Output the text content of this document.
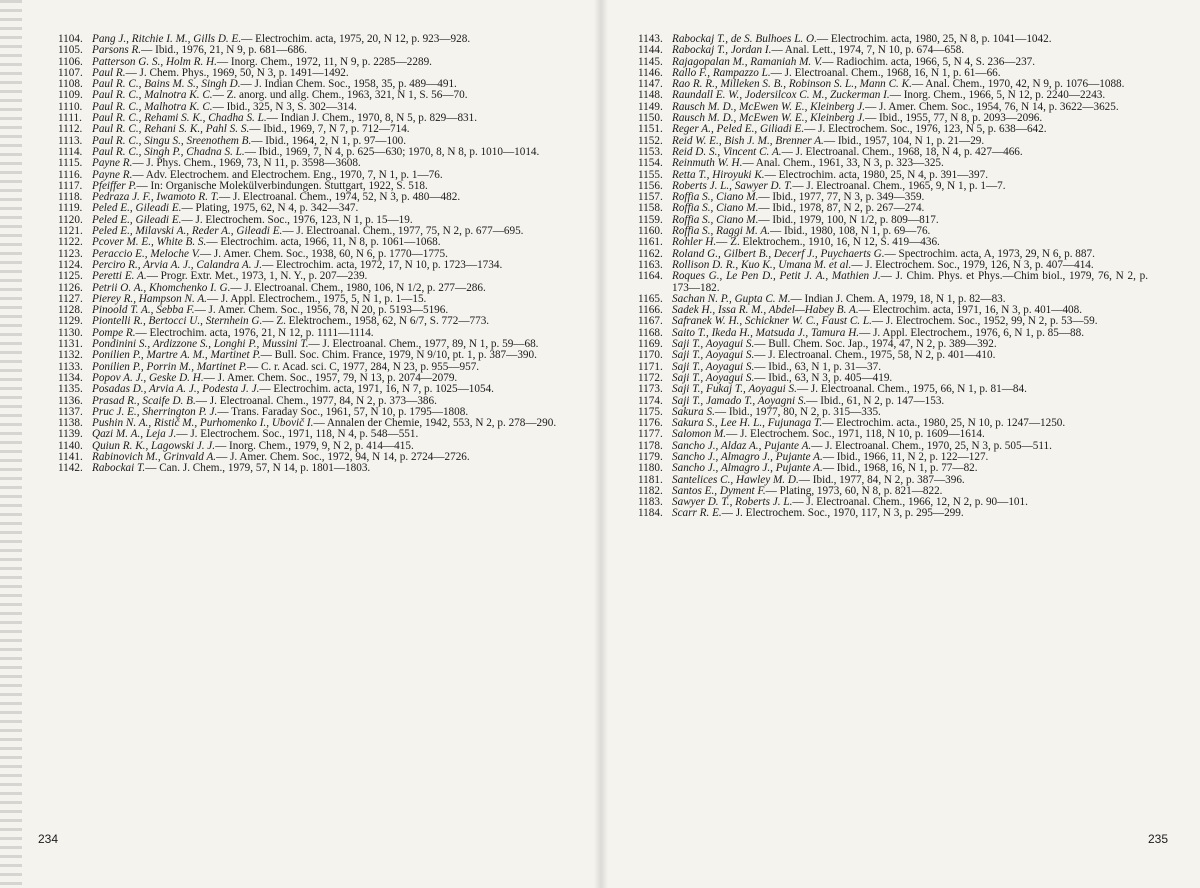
1104. Pang J., Ritchie I. M., Gills D. E.— Electrochim. acta, 1975, 20, N 12, p. 923—928.
1105. Parsons R.— Ibid., 1976, 21, N 9, p. 681—686.
1106. Patterson G. S., Holm R. H.— Inorg. Chem., 1972, 11, N 9, p. 2285—2289.
1107. Paul R.— J. Chem. Phys., 1969, 50, N 3, p. 1491—1492.
1108. Paul R. C., Bains M. S., Singh D.— J. Indian Chem. Soc., 1958, 35, p. 489—491.
1109. Paul R. C., Malnotra K. C.— Z. anorg. und allg. Chem., 1963, 321, N 1, S. 56—70.
1110. Paul R. C., Malhotra K. C.— Ibid., 325, N 3, S. 302—314.
1111. Paul R. C., Rehami S. K., Chadha S. L.— Indian J. Chem., 1970, 8, N 5, p. 829—831.
1112. Paul R. C., Rehani S. K., Pahl S. S.— Ibid., 1969, 7, N 7, p. 712—714.
1113. Paul R. C., Singu S., Sreenothem B.— Ibid., 1964, 2, N 1, p. 97—100.
1114. Paul R. C., Singh P., Chadna S. L.— Ibid., 1969, 7, N 4, p. 625—630; 1970, 8, N 8, p. 1010—1014.
1115. Payne R.— J. Phys. Chem., 1969, 73, N 11, p. 3598—3608.
1116. Payne R.— Adv. Electrochem. and Electrochem. Eng., 1970, 7, N 1, p. 1—76.
1117. Pfeiffer P.— In: Organische Molekülverbindungen. Stuttgart, 1922, S. 518.
1118. Pedraza J. F., Iwamoto R. T.— J. Electroanal. Chem., 1974, 52, N 3, p. 480—482.
1119. Peled E., Gileadi E.— Plating, 1975, 62, N 4, p. 342—347.
1120. Peled E., Gileadi E.— J. Electrochem. Soc., 1976, 123, N 1, p. 15—19.
1121. Peled E., Milavski A., Reder A., Gileadi E.— J. Electroanal. Chem., 1977, 75, N 2, p. 677—695.
1122. Pcover M. E., White B. S.— Electrochim. acta, 1966, 11, N 8, p. 1061—1068.
1123. Peraccio E., Meloche V.— J. Amer. Chem. Soc., 1938, 60, N 6, p. 1770—1775.
1124. Perciro R., Arvia A. J., Calandra A. J.— Electrochim. acta, 1972, 17, N 10, p. 1723—1734.
1125. Peretti E. A.— Progr. Extr. Met., 1973, 1, N. Y., p. 207—239.
1126. Petrii O. A., Khomchenko I. G.— J. Electroanal. Chem., 1980, 106, N 1/2, p. 277—286.
1127. Pierey R., Hampson N. A.— J. Appl. Electrochem., 1975, 5, N 1, p. 1—15.
1128. Pinoold T. A., Sebba F.— J. Amer. Chem. Soc., 1956, 78, N 20, p. 5193—5196.
1129. Piontelli R., Bertocci U., Sternhein G.— Z. Elektrochem., 1958, 62, N 6/7, S. 772—773.
1130. Pompe R.— Electrochim. acta, 1976, 21, N 12, p. 1111—1114.
1131. Pondinini S., Ardizzone S., Longhi P., Mussini T.— J. Electroanal. Chem., 1977, 89, N 1, p. 59—68.
1132. Ponilien P., Martre A. M., Martinet P.— Bull. Soc. Chim. France, 1979, N 9/10, pt. 1, p. 387—390.
1133. Ponilien P., Porrin M., Martinet P.— C. r. Acad. sci. C, 1977, 284, N 23, p. 955—957.
1134. Popov A. J., Geske D. H.— J. Amer. Chem. Soc., 1957, 79, N 13, p. 2074—2079.
1135. Posadas D., Arvia A. J., Podesta J. J.— Electrochim. acta, 1971, 16, N 7, p. 1025—1054.
1136. Prasad R., Scaife D. B.— J. Electroanal. Chem., 1977, 84, N 2, p. 373—386.
1137. Pruc J. E., Sherrington P. J.— Trans. Faraday Soc., 1961, 57, N 10, p. 1795—1808.
1138. Pushin N. A., Ristič M., Purhomenko I., Ubovič I.— Annalen der Chemie, 1942, 553, N 2, p. 278—290.
1139. Qazi M. A., Leja J.— J. Electrochem. Soc., 1971, 118, N 4, p. 548—551.
1140. Quiun R. K., Lagowski J. J.— Inorg. Chem., 1979, 9, N 2, p. 414—415.
1141. Rabinovich M., Grinvald A.— J. Amer. Chem. Soc., 1972, 94, N 14, p. 2724—2726.
1142. Rabockai T.— Can. J. Chem., 1979, 57, N 14, p. 1801—1803.
1143. Rabockaj T., de S. Bulhoes L. O.— Electrochim. acta, 1980, 25, N 8, p. 1041—1042.
1144. Rabockaj T., Jordan I.— Anal. Lett., 1974, 7, N 10, p. 674—658.
1145. Rajagopalan M., Ramaniah M. V.— Radiochim. acta, 1966, 5, N 4, S. 236—237.
1146. Rallo F., Rampazzo L.— J. Electroanal. Chem., 1968, 16, N 1, p. 61—66.
1147. Rao R. R., Milleken S. B., Robinson S. L., Mann C. K.— Anal. Chem., 1970, 42, N 9, p. 1076—1088.
1148. Raundall E. W., Jodersilcox C. M., Zuckerman I.— Inorg. Chem., 1966, 5, N 12, p. 2240—2243.
1149. Rausch M. D., McEwen W. E., Kleinberg J.— J. Amer. Chem. Soc., 1954, 76, N 14, p. 3622—3625.
1150. Rausch M. D., McEwen W. E., Kleinberg J.— Ibid., 1955, 77, N 8, p. 2093—2096.
1151. Reger A., Peled E., Giliadi E.— J. Electrochem. Soc., 1976, 123, N 5, p. 638—642.
1152. Reid W. E., Bish J. M., Brenner A.— Ibid., 1957, 104, N 1, p. 21—29.
1153. Reid D. S., Vincent C. A.— J. Electroanal. Chem., 1968, 18, N 4, p. 427—466.
1154. Reinmuth W. H.— Anal. Chem., 1961, 33, N 3, p. 323—325.
1155. Retta T., Hiroyuki K.— Electrochim. acta, 1980, 25, N 4, p. 391—397.
1156. Roberts J. L., Sawyer D. T.— J. Electroanal. Chem., 1965, 9, N 1, p. 1—7.
1157. Roffia S., Ciano M.— Ibid., 1977, 77, N 3, p. 349—359.
1158. Roffia S., Ciano M.— Ibid., 1978, 87, N 2, p. 267—274.
1159. Roffia S., Ciano M.— Ibid., 1979, 100, N 1/2, p. 809—817.
1160. Roffia S., Raggi M. A.— Ibid., 1980, 108, N 1, p. 69—76.
1161. Rohler H.— Z. Elektrochem., 1910, 16, N 12, S. 419—436.
1162. Roland G., Gilbert B., Decerf J., Puychaerts G.— Spectrochim. acta, A, 1973, 29, N 6, p. 887.
1163. Rollison D. R., Kuo K., Umana M. et al.— J. Electrochem. Soc., 1979, 126, N 3, p. 407—414.
1164. Roques G., Le Pen D., Petit J. A., Mathien J.— J. Chim. Phys. et Phys.—Chim biol., 1979, 76, N 2, p. 173—182.
1165. Sachan N. P., Gupta C. M.— Indian J. Chem. A, 1979, 18, N 1, p. 82—83.
1166. Sadek H., Issa R. M., Abdel—Habey B. A.— Electrochim. acta, 1971, 16, N 3, p. 401—408.
1167. Safranek W. H., Schickner W. C., Faust C. L.— J. Electrochem. Soc., 1952, 99, N 2, p. 53—59.
1168. Saito T., Ikeda H., Matsuda J., Tamura H.— J. Appl. Electrochem., 1976, 6, N 1, p. 85—88.
1169. Saji T., Aoyagui S.— Bull. Chem. Soc. Jap., 1974, 47, N 2, p. 389—392.
1170. Saji T., Aoyagui S.— J. Electroanal. Chem., 1975, 58, N 2, p. 401—410.
1171. Saji T., Aoyagui S.— Ibid., 63, N 1, p. 31—37.
1172. Saji T., Aoyagui S.— Ibid., 63, N 3, p. 405—419.
1173. Saji T., Fukaj T., Aoyagui S.— J. Electroanal. Chem., 1975, 66, N 1, p. 81—84.
1174. Saji T., Jamado T., Aoyagni S.— Ibid., 61, N 2, p. 147—153.
1175. Sakura S.— Ibid., 1977, 80, N 2, p. 315—335.
1176. Sakura S., Lee H. L., Fujunaga T.— Electrochim. acta., 1980, 25, N 10, p. 1247—1250.
1177. Salomon M.— J. Electrochem. Soc., 1971, 118, N 10, p. 1609—1614.
1178. Sancho J., Aldaz A., Pujante A.— J. Electroanal. Chem., 1970, 25, N 3, p. 505—511.
1179. Sancho J., Almagro J., Pujante A.— Ibid., 1966, 11, N 2, p. 122—127.
1180. Sancho J., Almagro J., Pujante A.— Ibid., 1968, 16, N 1, p. 77—82.
1181. Santelices C., Hawley M. D.— Ibid., 1977, 84, N 2, p. 387—396.
1182. Santos E., Dyment F.— Plating, 1973, 60, N 8, p. 821—822.
1183. Sawyer D. T., Roberts J. L.— J. Electroanal. Chem., 1966, 12, N 2, p. 90—101.
1184. Scarr R. E.— J. Electrochem. Soc., 1970, 117, N 3, p. 295—299.
234	235
